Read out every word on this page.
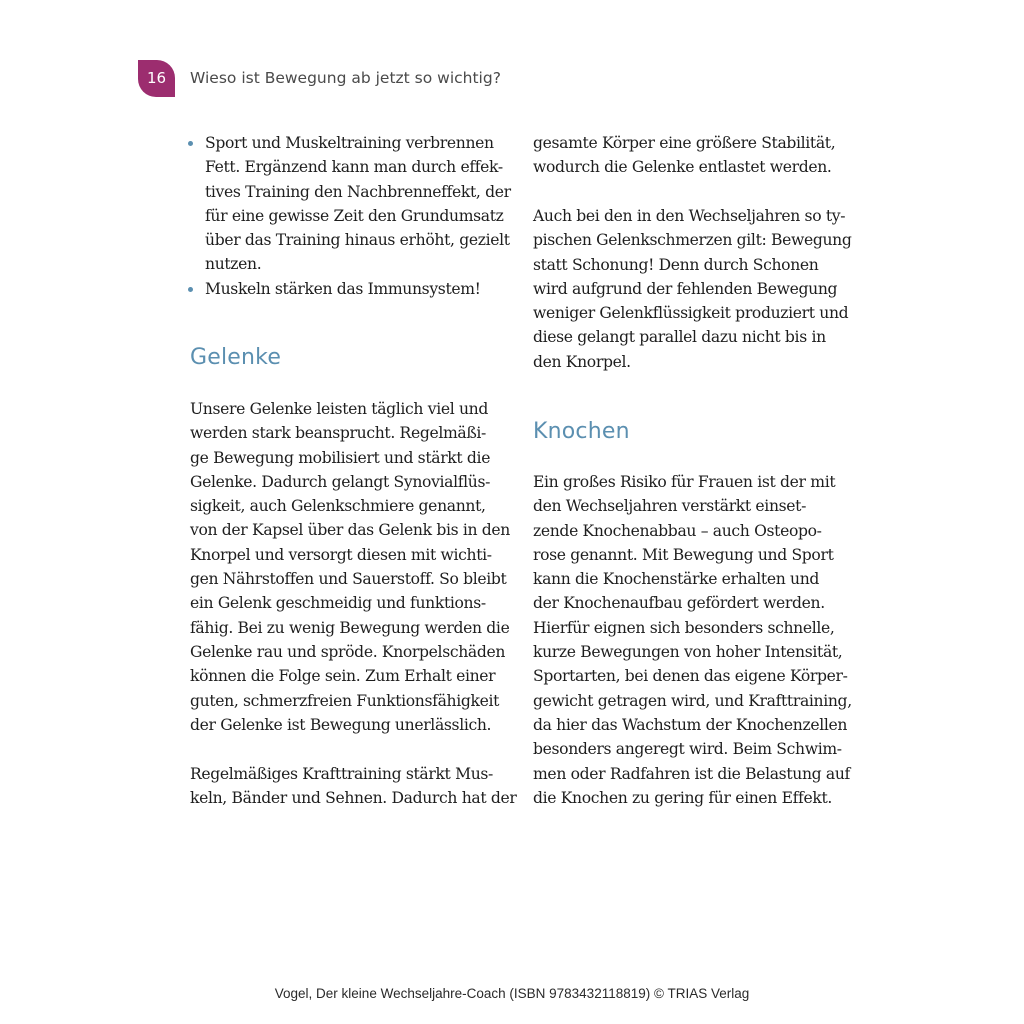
16	Wieso ist Bewegung ab jetzt so wichtig?
Sport und Muskeltraining verbrennen
Fett. Ergänzend kann man durch effek-
tives Training den Nachbrenneffekt, der
für eine gewisse Zeit den Grundumsatz
über das Training hinaus erhöht, gezielt
nutzen.
Muskeln stärken das Immunsystem!
Gelenke
Unsere Gelenke leisten täglich viel und
werden stark beansprucht. Regelmäßi-
ge Bewegung mobilisiert und stärkt die
Gelenke. Dadurch gelangt Synovialflüs-
sigkeit, auch Gelenkschmiere genannt,
von der Kapsel über das Gelenk bis in den
Knorpel und versorgt diesen mit wichti-
gen Nährstoffen und Sauerstoff. So bleibt
ein Gelenk geschmeidig und funktions-
fähig. Bei zu wenig Bewegung werden die
Gelenke rau und spröde. Knorpelschäden
können die Folge sein. Zum Erhalt einer
guten, schmerzfreien Funktionsfähigkeit
der Gelenke ist Bewegung unerlässlich.
Regelmäßiges Krafttraining stärkt Mus-
keln, Bänder und Sehnen. Dadurch hat der
gesamte Körper eine größere Stabilität,
wodurch die Gelenke entlastet werden.
Auch bei den in den Wechseljahren so ty-
pischen Gelenkschmerzen gilt: Bewegung
statt Schonung! Denn durch Schonen
wird aufgrund der fehlenden Bewegung
weniger Gelenkflüssigkeit produziert und
diese gelangt parallel dazu nicht bis in
den Knorpel.
Knochen
Ein großes Risiko für Frauen ist der mit
den Wechseljahren verstärkt einset-
zende Knochenabbau – auch Osteopo-
rose genannt. Mit Bewegung und Sport
kann die Knochenstärke erhalten und
der Knochenaufbau gefördert werden.
Hierfür eignen sich besonders schnelle,
kurze Bewegungen von hoher Intensität,
Sportarten, bei denen das eigene Körper-
gewicht getragen wird, und Krafttraining,
da hier das Wachstum der Knochenzellen
besonders angeregt wird. Beim Schwim-
men oder Radfahren ist die Belastung auf
die Knochen zu gering für einen Effekt.
Vogel, Der kleine Wechseljahre-Coach (ISBN 9783432118819) © TRIAS Verlag
